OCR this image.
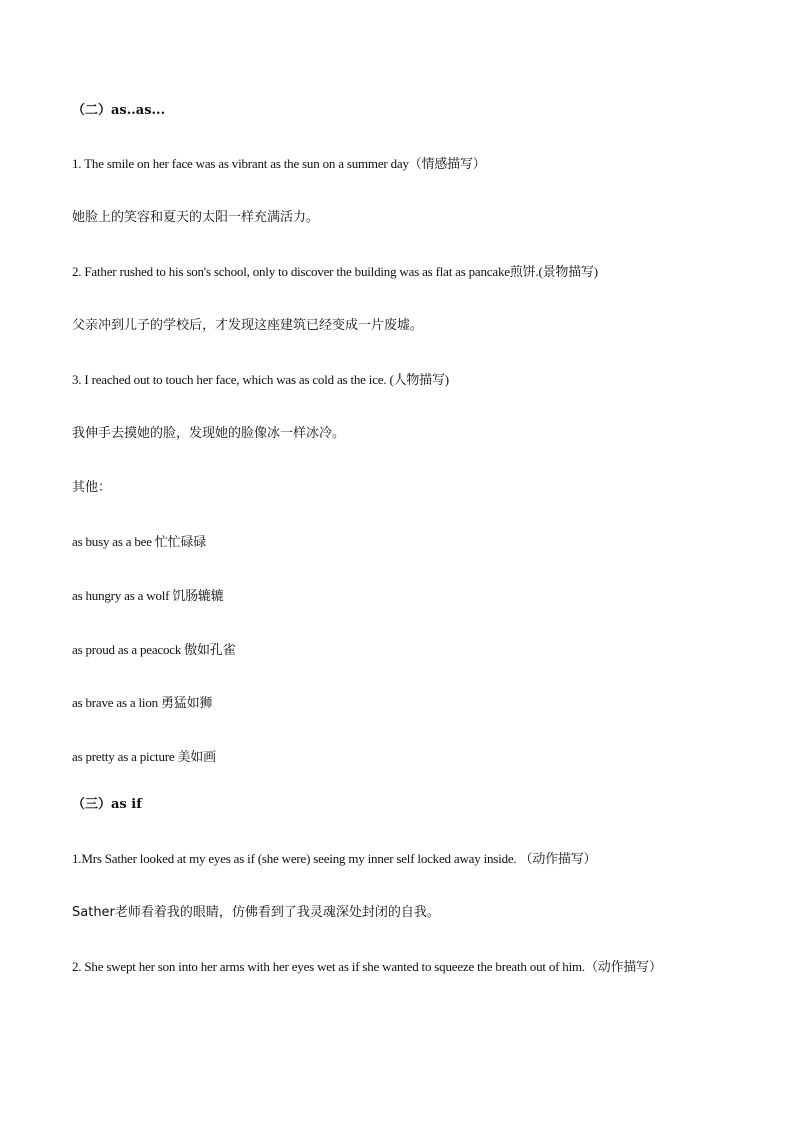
（二）as..as...
1. The smile on her face was as vibrant as the sun on a summer day（情感描写）
她脸上的笑容和夏天的太阳一样充满活力。
2. Father rushed to his son's school, only to discover the building was as flat as pancake煎饼.(景物描写)
父亲冲到儿子的学校后，才发现这座建筑已经变成一片废墟。
3. I reached out to touch her face, which was as cold as the ice. (人物描写)
我伸手去摸她的脸，发现她的脸像冰一样冰冷。
其他：
as busy as a bee 忙忙碌碌
as hungry as a wolf 饥肠辘辘
as proud as a peacock 傲如孔雀
as brave as a lion 勇猛如狮
as pretty as a picture 美如画
（三）as if
1.Mrs Sather looked at my eyes as if (she were) seeing my inner self locked away inside. （动作描写）
Sather老师看着我的眼睛，仿佛看到了我灵魂深处封闭的自我。
2. She swept her son into her arms with her eyes wet as if she wanted to squeeze the breath out of him.（动作描写）
